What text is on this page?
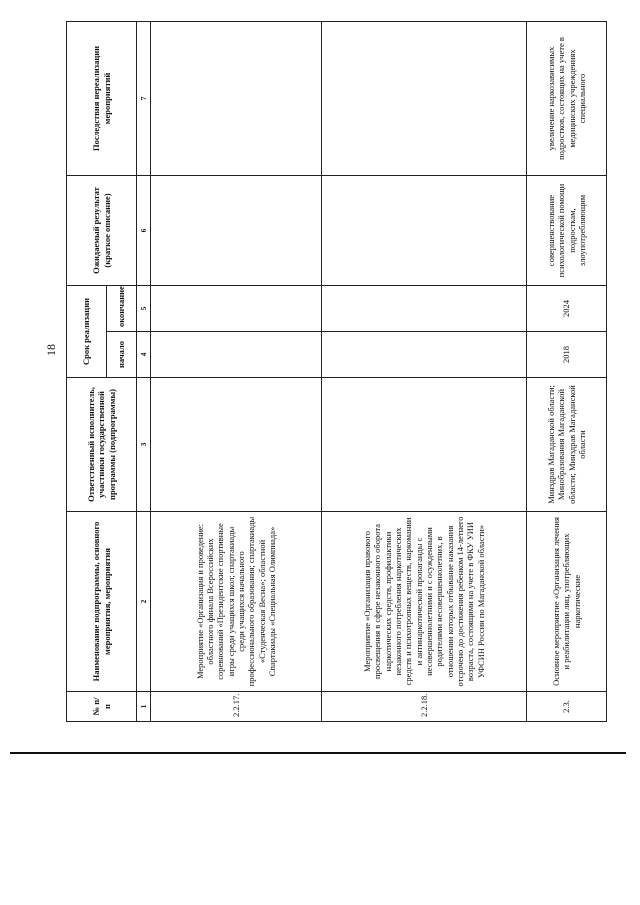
18
№ п/п	Наименование подпрограммы, основного мероприятия, мероприятия	Ответственный исполнитель, участники государственной программы (подпрограммы)	Срок реализации		Ожидаемый результат (краткое описание)	Последствия нереализации мероприятий
			начало	окончание		
1	2	3	4	5	6	7
2.2.17.	Мероприятие «Организация и проведение: областного финала Всероссийских соревнований «Президентские спортивные игры среди учащихся школ; спартакиады среди учащихся начального профессионального образования; спартакиады «Студенческая Весна»; областной Спартакиады «Специальная Олимпиада»					
2.2.18.	Мероприятие «Организация правового просвещения в сфере незаконного оборота наркотических средств, профилактики незаконного потребления наркотических средств и психотропных веществ, наркомании и антинаркотической пропаганды с несовершеннолетними и с осужденными родителями несовершеннолетних, в отношении которых отбывание наказания отсрочено до достижения ребенком 14-летнего возраста, состоящими на учете в ФКУ УИИ УФСИН России по Магаданской области»					
2.3.	Основное мероприятие «Организация лечения и реабилитации лиц, употребляющих наркотические	Минздрав Магаданской области; Минобразования Магаданской области; Минздрав Магаданской области	2018	2024	совершенствование психологической помощи подросткам, злоупотребляющим	увеличение наркозависимых подростков, состоящих на учете в медицинских учреждениях специального
